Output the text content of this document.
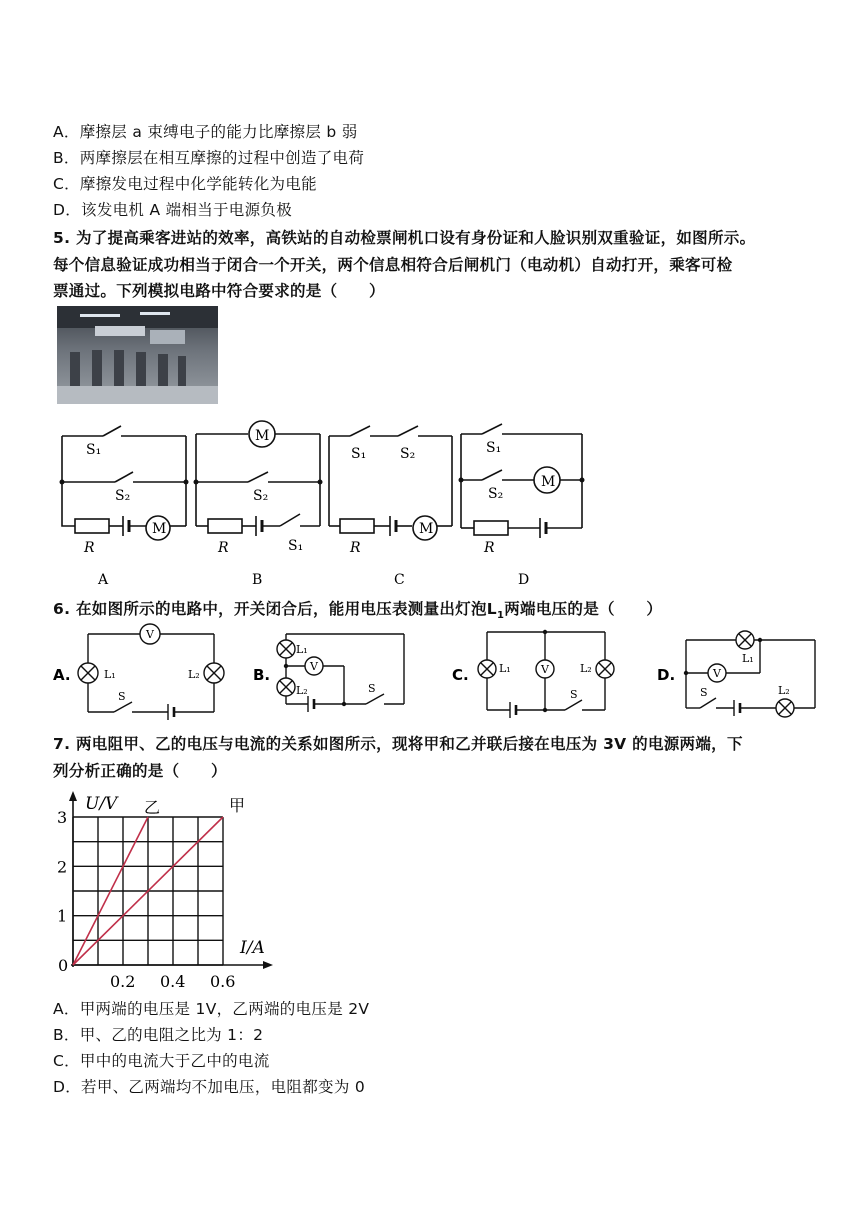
A．摩擦层 a 束缚电子的能力比摩擦层 b 弱
B．两摩擦层在相互摩擦的过程中创造了电荷
C．摩擦发电过程中化学能转化为电能
D．该发电机 A 端相当于电源负极
5. 为了提高乘客进站的效率，高铁站的自动检票闸机口设有身份证和人脸识别双重验证，如图所示。
每个信息验证成功相当于闭合一个开关，两个信息相符合后闸机门（电动机）自动打开，乘客可检
票通过。下列模拟电路中符合要求的是（　　）
6. 在如图所示的电路中，开关闭合后，能用电压表测量出灯泡$L_1$两端电压的是（　　）
7. 两电阻甲、乙的电压与电流的关系如图所示，现将甲和乙并联后接在电压为 3V 的电源两端，下
列分析正确的是（　　）
A．甲两端的电压是 1V，乙两端的电压是 2V
B．甲、乙的电阻之比为 1：2
C．甲中的电流大于乙中的电流
D．若甲、乙两端均不加电压，电阻都变为 0
S₁
S₂
R
M
M
S₂
R	S₁
S₁ S₂
R
M
S₁
S₂
M
R
A	B	C	D
V
L₁	L₂
S
L₁
V
L₂	S
L₁	V	L₂
S
L₁
V
S	L₂
A.	B.	C.	D.
乙	甲
0.2 0.4 0.6
1
2
3
0
U/V
I/A
